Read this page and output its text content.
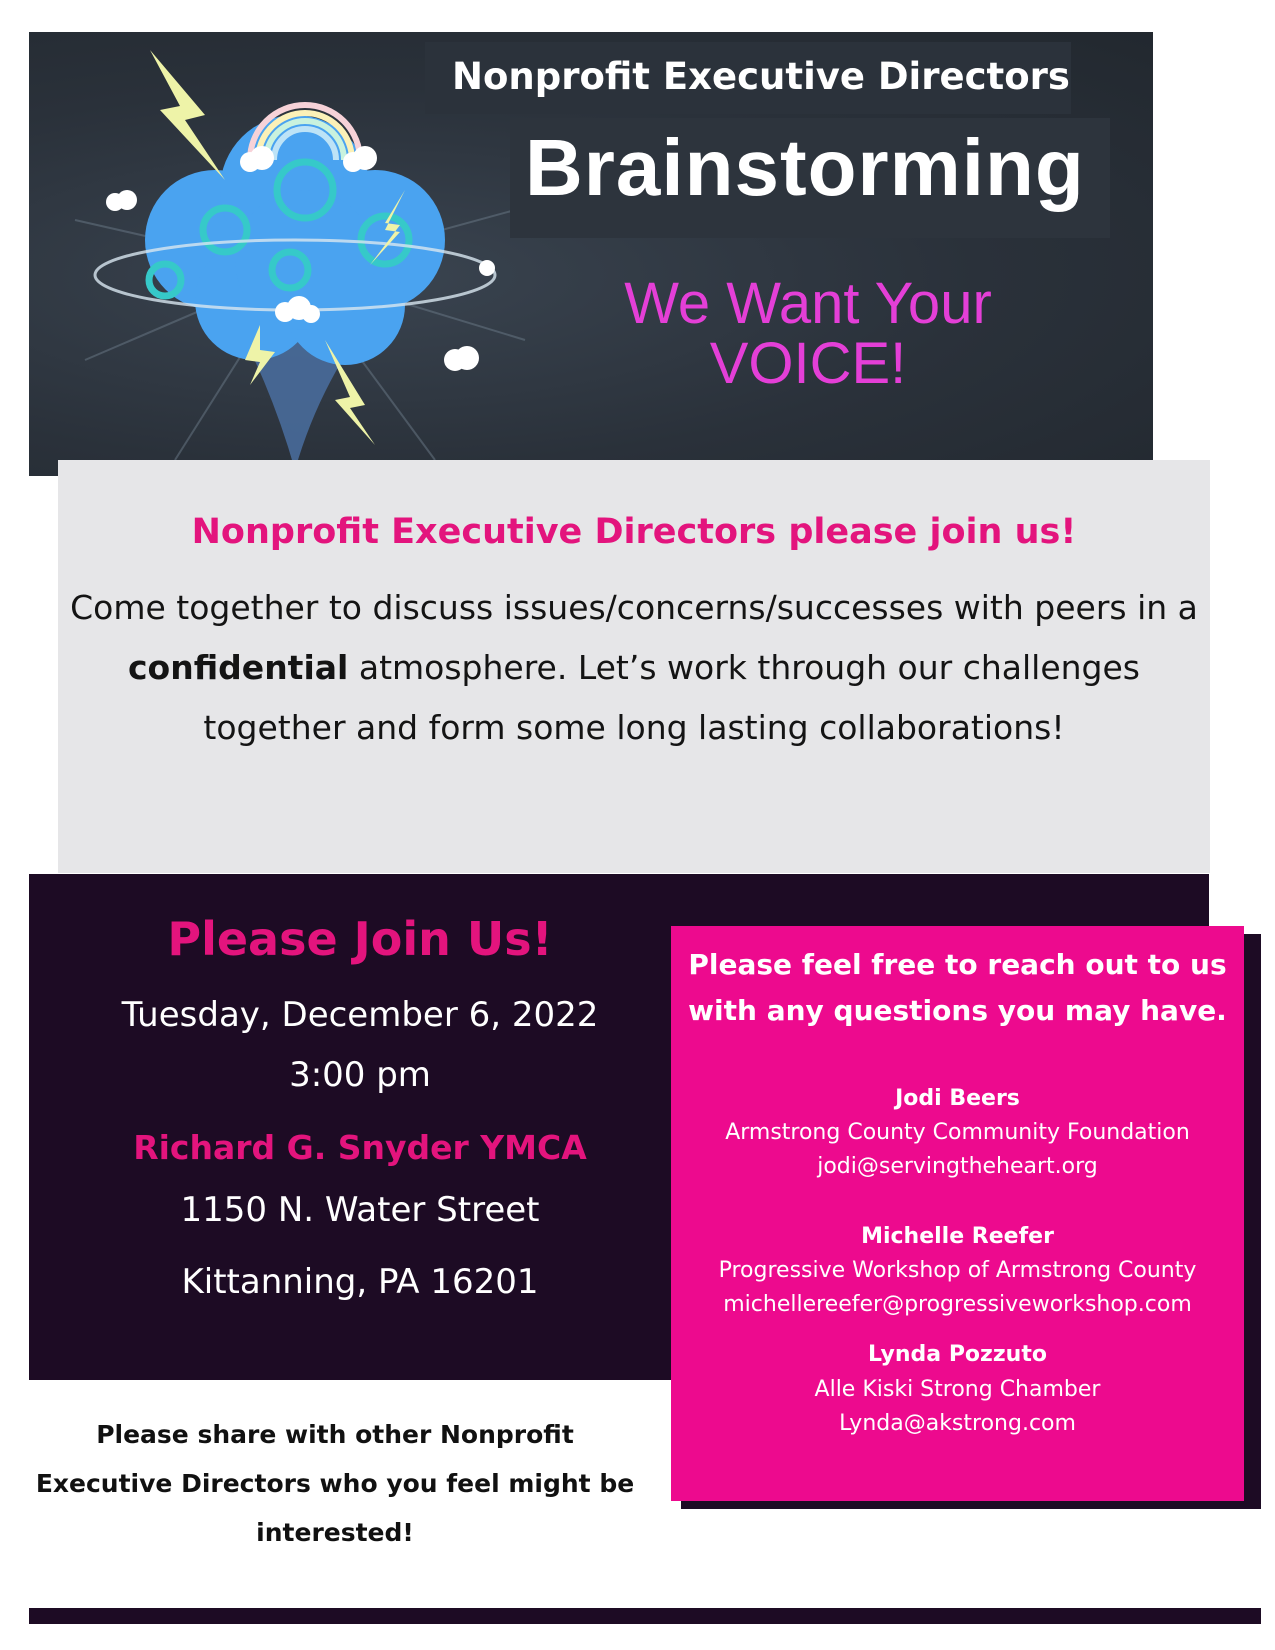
Nonprofit Executive Directors
Brainstorming
We Want Your
VOICE!
Nonprofit Executive Directors please join us!
Come together to discuss issues/concerns/successes with peers in a confidential atmosphere. Let’s work through our challenges together and form some long lasting collaborations!
Please Join Us!
Tuesday, December 6, 2022
3:00 pm
Richard G. Snyder YMCA
1150 N. Water Street
Kittanning, PA 16201
Please feel free to reach out to us with any questions you may have.
Jodi Beers
Armstrong County Community Foundation
jodi@servingtheheart.org
Michelle Reefer
Progressive Workshop of Armstrong County
michellereefer@progressiveworkshop.com
Lynda Pozzuto
Alle Kiski Strong Chamber
Lynda@akstrong.com
Please share with other Nonprofit Executive Directors who you feel might be interested!
